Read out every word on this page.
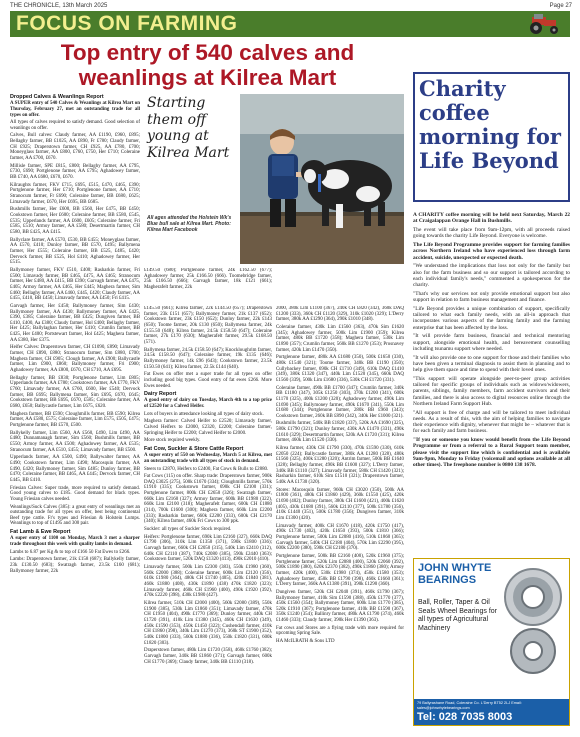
THE CHRONICLE, 13th March 2025	Page 27
FOCUS ON FARMING
Top entry of 540 calves and weanlings at Kilrea Mart
Dropped Calves & Weanlings Report

A SUPER entry of 540 Calves & Weanlings at Kilrea Mart on Thursday, February 27, met an outstanding trade for all types on offer.

All types of calves required to satisfy demand. Good selection of weanlings on offer.

Calves, Bull calves: Claudy farmer, AA £1190, £960, £895; Bellaghy farmer, BB £1025, AA £890, Fr £780; Claudy farmer, CH £925; Draperstown farmer, CH £925, AA £780, £700; Moneyglass farmer, AA £800, £760, £750, Her £710; Coleraine farmer, AA £700, £670.

Millisle farmer, SPE £815, £800; Bellaghy farmer, AA £795, £730, £690; Portglenone farmer, AA £795; Aghadowey farmer, BB £740, AA £680, £670, £670.

Kilraughts farmer, FKV £715, £695, £515, £470, £465, £390; Portglenone farmer, Her £710; Portglenone farmer, AA £710; Stranocum farmer, Fr £690; Coleraine farmer, BB £680, £625; Limavady farmer, £670, Her £695, BB £685.

Bushmills farmer, Her £600, BB £560, Her £475, BB £450; Cookstown farmer, Her £600; Coleraine farmer, BB £580, £545, £535; Upperlands farmer, AA £600, £605; Coleraine farmer, Fri £585, £510; Armoy farmer, AA £580; Desertmartin farmer, CH £580, BB £425, AA £415.

Ballyclare farmer, AA £570, £530, BB £455; Moneyglass farmer, AA £570, £410; Dunloy farmer, BB £570, £495; Ballymena farmer, Her £555; Coleraine farmer, BB £525, £485, £420; Dervock farmer, BB £525, Hol £410; Aghadowey farmer, Her £515.

Ballymoney farmer, FKV £510, £400; Rasharkin farmer, Fri £500; Limavady farmer, BB £465, £475, AA £465; Stranocum farmer, Her £480, AA £415, BB £390; Garvagh farmer, AA £475, £405; Armoy farmer, AA £465, Her £445; Maghera farmer, Sim £460; Bellaghy farmer, AA £460, £445, £420; Claudy farmer, AA £455, £410, BB £450; Limavady farmer, AA £450; Fri £415.

Garvagh farmer, Her £450; Ballymoney farmer, Sim £430; Ballymoney farmer, AA £430; Ballymoney farmer, AA £425, £390, £385; Coleraine farmer, BB £425; Dungiven farmer, BB £410, £400, Aa £380; Claudy farmer, Hol £400; Bellaghy farmer, Her £425; Ballylaghan farmer, Her £410; Crumlin farmer, BB £425, Her £400; Portstewart farmer, Hol £425; Maghera farmer, AA £380, Her £375.

Heifer Calves: Draperstown farmer, CH £1090, £890; Limavady farmer, CH £890, £880; Stranocum farmer, Sim £880, £700; Maghera farmer, CH £905; Clough farmer, AA £900; Ballycastle farmer, Lim £900, £860; Ballymoney farmer, Fri £900; Aghadowey farmer, AA £800, £670, CH £710, AA £695.

Bellaghy farmer, BB £830; Portglenone farmer, Lim £805; Upperlands farmer, AA £780; Cookstown farmer, AA £770, FKV £760; Limavady farmer, AA £760, £600, Her £540; Dervock farmer, BB £695; Ballymena farmer, Sim £695, £670, £645; Cookstown farmer, BB £695, £670, £585; Coleraine farmer, AA £680, £650; Ballycastle farmer, Lim £675, £620.

Maghera farmer, BB £590; Cloughmills farmer, BB £590; Kilrea farmer, AA £580, £575; Coleraine farmer, Lim £575, £505, £475; Portglenone farmer, BB £570, £500.

Ballykelly farmer, Lim £560, AA £560, £490, Lim £490, AA £480; Dunnamanagh farmer, Sim £560; Bushmills farmer, BB £550; Armoy farmer, AA £500; Aghadowey farmer, AA £535; Stranocum farmer, AA £510, £455; Limavady farmer, BB £500.

Upperlands farmer, AA £500, £490; Ballywalter farmer, AA £490; Cookstown farmer, Lim £490; Macosquin farmer, AA £490, £420; Ballymoney farmer, Sim £485; Dunloy farmer, BB £470; Coleraine farmer, BB £465, AA £445; Dervock farmer, CH £445, BB £410.

Friesian Calves: Super trade, more required to satisfy demand. Good young calves to £185. Good demand for black types. Young Friesian calves needed.

Weanlings/Suck Calves (385): a great entry of weanlings met an outstanding trade for all types on offer, best being continental Beef type cattle. Fr's types and Friesian & Holstein Lumps. Weanlings to top of £1495 and 300 pair.

Fat Lamb & Ewe Report

A super entry of 1100 on Monday, March 3 met a sharper trade throughout this week with quality lambs in demand.

Lambs to 6.87 per Kg & to top of £166 50 Fat Ewes to £266.

Lambs: Draperstown farmer, 21k £158 (687); Ballykelly farmer, 23k £130.50 (683); Swatragh farmer, 23.5k £160 (681); Ballymoney farmer, 22k

Starting them off young at Kilrea Mart
All ages attended the Holstein Wk's Blue bull sale at Kilrea Mart. Photo: Kilrea Mart Facebook
£149.50 (680); Portglenone farmer, 24k £162.50 (677); Aghadowey farmer, 25k £166.50 (666). Toomebridge farmer, 25k £166.50 (666); Garvagh farmer, 18k £121 (661); Magherafelt farmer, 22k

£145.50 (661); Kilrea farmer, 22k £144.50 (657); Draperstown farmer, 23k £151 (657); Ballymoney farmer, 21k £137 (652); Cookstown farmer, 23k £150 (652); Dunloy farmer, 22k £143 (650); Toome farmer, 20k £130 (650); Ballymena farmer, 24k £155.50 (648); Kilrea farmer, 24.5k £158.50 (647); Coleraine farmer, 27k £170 (630); Magherafelt farmer, 29.5k £168.50 (571).

Ballymena farmer, 24.5k £158.50 (647); Knockloughrim farmer, 24.5k £158.50 (647); Coleraine farmer, 19k £135 (646); Ballymoney farmer, 14k £96 (643); Cookstown farmer, 23.5k £150.50 (641); Kilrea farmer, 22.5k £144 (640).

Fat Ewes on offer met a super trade for all types on offer including good big types. Good entry of fat ewes £266. More Ewes needed.

Dairy Report

A good entry of dairy on Tuesday, March 4th to a top price of £2520 for a Calved Heifer.

Lots of buyers in attendance looking all types of dairy stock.

Maghera farmer: Calved Heifer to £2520; Limavady farmer, Calved Heifers to £2000, £2320, £2200; Coleraine farmer, Springing Heifer to £2200; Calved Heifer to £2000.

More stock required weekly.

Fat Cow, Suckler & Store Cattle Report

A super entry of 550 on Wednesday, March 5 at Kilrea, met an outstanding trade with all types of stock in demand.

Steers to £2870, Heifers to £2400, Fat Cows & Bulls to £2880.

Fat Cows (115) on offer. Sharp trade: Draperstown farmer, 900k DAQ £3025 (275), 500k £1670 (334); Cloughmills farmer, 570k £1910 (335); Cookstown farmer, 690k CH £2100 (331); Portglenone farmer, 800k CH £2650 (326); Swatragh farmer, 660k Lim £2160 (327); Armoy farmer, 600k BB £1980 (322), 660k Lim £2100 (318); Magherafelt farmer, 600k CH £1880 (314), 700k £1600 (300); Maghera farmer, 660k Lim £2200 (333); Rasharkin farmer, 660k £2200 (333), 600k CH £2170 (340); Kilrea farmer, 460k Fri Cows to 300 ppk.

Suckler: all types of Suckler Stock required.

Heifers: Portglenone farmer, 690k Lim £2160 (327), 660k DAQ £1790 (306), 310k Lim £1350 (371), 590k £1800 (336); Garvagh farmer, 660k CH £2050 (315), 540k Lim £2410 (312), 640k CH £2110 (387), 740k £2080 (385), 590k £2440 (363); Cookstown farmer, 520k DAQ £1320 (413), 490k £2010 (410).

Limavady farmer, 500k Lim £2300 (383), 550k £1980 (360), 560k £2000 (388); Coleraine farmer, 600k Lim £2120 (356), 610k £1980 (364), 480k CH £1740 (405), 420k £1840 (381), 460k £1880 (408), 430k £1890 (438) 470k £1820 (323); Limavady farmer, 460k CH £1960 (400), 490k £1920 (392), 470k £2220 (398), 430k £1980 (427).

Kilrea farmer, 510k CH £2000 (400), 560k £2080 (389), 550k £1900 (385), 530k Lim £1860 (351); Limavady farmer, 470k CH £1950 (404), 490k £1770 (369); Dunloy farmer, 440k CH £1720 (391), 410k Lim £1380 (345), 460k CH £1630 (349), 450k £1590 (353), 450k £1450 (322); Cushendall farmer, 410k CH £1860 (398), 340k Lim £1270 (373), 360k ST £1900 (352), 540k £1800 (333), 560k £1880 (336), 550k £1820 (331), 600k £1820 (303).

Draperstown farmer, 480k Lim £1720 (358), 460k £1760 (382); Garvagh farmer, 340k BB £1860 (371); Garvagh farmer, 600k CH £1770 (369); Claudy farmer, 340k BB £1110 (318).

2000, 380k Lim £1100 (367), 240k CH £820 (342), 360k DAQ £1200 (333), 360k CH £1120 (329), 310k £1020 (329); L'Derry farmer, 380k AA £1290 (364), 290k £1010 (348).

Coleraine farmer, 430k Lim £1560 (363), 470k Sim £1620 (345); Aghadowey farmer, 500k Lim £1900 (359); Kilrea farmer, 480k BB £1720 (358); Maghera farmer, 530k Lim £1890 (357); Crumlin farmer, 560k BB £1270 (353); Prosnavey farmer, 420k Lim £1470 (350).

Portglenone farmer, 480k AA £1680 (350), 500k £1650 (330), 480k £1540 (321); Toome farmer, 340k BB £1190 (350); Cullybackey farmer, 690k CH £1710 (349), 610k DAQ £1410 (349), 380k £1320 (347), 440k Lim £1520 (345), 660k DAQ £1560 (339), 500k Lim £1680 (336), 530k CH £1720 (331).

Coleraine farmer, 490k BB £1700 (347); Crumlin farmer, 340k BB £1180 (347), 305k £1250 (303), 370k £1200 (341), 600k £1170 (325), 400k £1200 (320); Aghadowey farmer, 490k Lim £1690 (345); Ballymoney farmer, 490k £1670 (341), 550k Lim £1680 (344); Portglenone farmer, 280k BB £960 (343); Cookstown farmer, 260k BB £890 (342), 340k Her £1000 (321).

Bushmills farmer, 540k BB £1820 (337), 520k AA £1690 (325), 580k £1790 (321); Dunloy farmer, 430k AA £1470 (331), 490k £1610 (329); Desertmartin farmer, 520k AA £1720 (331); Kilrea farmer, 460k Lim £1520 (330).

Kilrea farmer, 430k CH £1790 (330), 470k £1590 (330), 610k £2050 (224); Ballycastle farmer, 380k AA £1280 (328), 480k £1560 (325), 400k £1280 (320); Antrim farmer, 500k BB £1640 (328); Bellaghy farmer, 490k BB £1600 (327); L'Derry farmer, 340k BB £1110 (327); Limavady farmer, 580k CH £1420 (321); Rasharkin farmer, 610k Sim £1510 (321); Draperstown farmer, 540k AA £1730 (320).

Stores: Macosquin farmer, 960k CH £3020 (350), 500k AA £1800 (361), 480k CH £1860 (429), 360k £1550 (425), 420k £1690 (402); Dunloy farmer, 380k CH £1600 (421), 400k £1620 (405), 430k £1680 (391), 560k £2110 (377), 500k £1780 (356), 410k £1440 (351), 500k £1780 (356); Dungiven farmer, 310k Lim £1300 (420).

Limavady farmer, 400k CH £1670 (418), 420k £1750 (417), 490k £1730 (402), 420k £1650 (393), 500k £1810 (366); Portglenone farmer, 500k Lim £2080 (416), 510k £1860 (365); Garvagh farmer, 540k CH £2180 (404), 570k Lim £2290 (395), 600k £2200 (380), 590k CH £2180 (370).

Portglenone farmer, 500k BB £2160 (400), 520k £1960 (375); Portglenone farmer, 520k Lim £2080 (400), 520k £2060 (392), 500k £1890 (380), 620k £2370 (382), 490k £1860 (380); Armoy farmer, 420k (400), 530k £1980 (374), 450k £1580 (353); Aghadowey farmer, 450k BB £1790 (398), 460k £1660 (361); L'Derry farmer, 360k AA £1380 (391), 390k £1290 (360).

Dungiven farmer, 520k CH £2040 (391), 460k £1790 (367); Ballymoney farmer, 410k Sim £1590 (388), 450k £1770 (377), 450k £1560 (354); Ballymoney farmer, 600k Lim £1770 (385), 520k £1910 (367); Portglenone farmer, 410k BB £1590 (367), 350k £1240 (354); Ballinry farmer, 480k AA £1790 (374), 460k £1460 (333); Claudy farmer, 390k Her £1390 (363).

Fat cows and Stores are a flying trade with more required for upcoming Spring Sale.

HA McILRATH & Sons LTD

Charity coffee morning for Life Beyond

A CHARITY coffee morning will be held next Saturday, March 22 at Craigalappan Orange Hall in Bushmills.

The event will take place from 9am-12pm, with all proceeds raised going towards the charity Life Beyond. Everyone is welcome.

The Life Beyond Programme provides support for farming families across Northern Ireland who have experienced loss through farm accident, suicide, unexpected or expected death.

"We understand the implications that loss not only for the family but also for the farm business and so our support is tailored according to each individual family's needs," commented a spokesperson for the charity.

"That's why our services not only provide emotional support but also support in relation to farm business management and finance.

"Life Beyond provides a unique combination of support, specifically tailored to what each family needs, with an all-in approach that incorporates various aspects of the farming family and the farming enterprise that has been affected by the loss.

"It will provide farm business, financial and technical mentoring support, alongside emotional health, and bereavement counselling including tsunamu support where needed.

"It will also provide one to one support for those and their families who have been given a terminal diagnosis to assist them in planning and to help give them space and time to spend with their loved ones.

"This support will operate alongside peer-to-peer group activities tailored for specific groups of individuals such as widows/widowers, parents, siblings, family members, farm accident survivors and their families, and there is also access to digital resources online through the Northern Ireland Farm Support Hub.

"All support is free of charge and will be tailored to meet individual needs. As a result of this, with the aim of helping families to navigate their experience with dignity, whenever that might be – whatever that is for each family and farm business.

"If you or someone you know would benefit from the Life Beyond Programme or from a referral to a Rural Support team member, please visit the support line which is confidential and is available 9am-9pm, Monday to Friday (voicemail and options available at all other times). The freephone number is 0800 138 1678.

JOHN WHYTE BEARINGS
Ball, Roller, Taper & Oil Seals Wheel Bearings for all types of Agricultural Machinery
79 Ballyrashane Road, Coleraine Co. L'Derry BT52 2LJ Email: sales@johnwhytebearings.com
Tel: 028 7035 8003
